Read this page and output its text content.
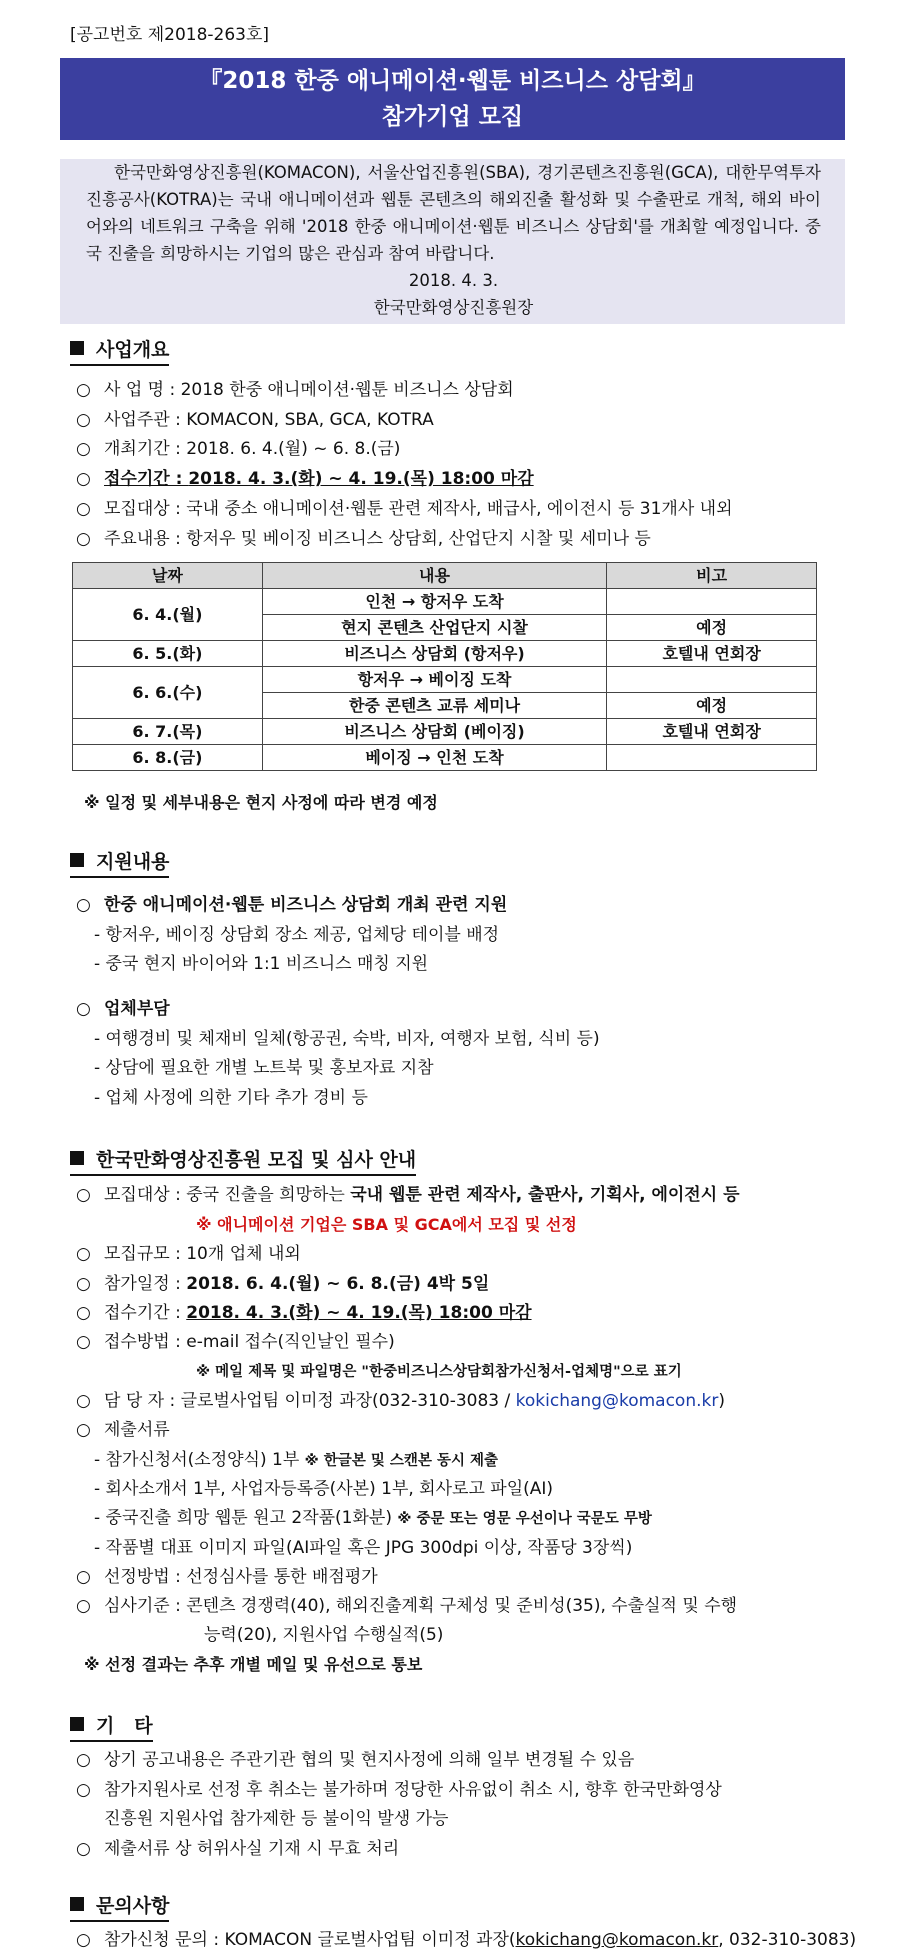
[공고번호 제2018-263호]
『2018 한중 애니메이션·웹툰 비즈니스 상담회』
참가기업 모집

한국만화영상진흥원(KOMACON), 서울산업진흥원(SBA), 경기콘텐츠진흥원(GCA), 대한무역투자진흥공사(KOTRA)는 국내 애니메이션과 웹툰 콘텐츠의 해외진출 활성화 및 수출판로 개척, 해외 바이어와의 네트워크 구축을 위해 '2018 한중 애니메이션·웹툰 비즈니스 상담회'를 개최할 예정입니다. 중국 진출을 희망하시는 기업의 많은 관심과 참여 바랍니다.

2018. 4. 3.

한국만화영상진흥원장

사업개요
○ 사 업 명 : 2018 한중 애니메이션·웹툰 비즈니스 상담회
○ 사업주관 : KOMACON, SBA, GCA, KOTRA
○ 개최기간 : 2018. 6. 4.(월) ~ 6. 8.(금)
○ 접수기간 : 2018. 4. 3.(화) ~ 4. 19.(목) 18:00 마감
○ 모집대상 : 국내 중소 애니메이션·웹툰 관련 제작사, 배급사, 에이전시 등 31개사 내외
○ 주요내용 : 항저우 및 베이징 비즈니스 상담회, 산업단지 시찰 및 세미나 등
날짜	내용	비고
6. 4.(월)	인천 → 항저우 도착	
	현지 콘텐츠 산업단지 시찰	예정
6. 5.(화)	비즈니스 상담회 (항저우)	호텔내 연회장
6. 6.(수)	항저우 → 베이징 도착	
	한중 콘텐츠 교류 세미나	예정
6. 7.(목)	비즈니스 상담회 (베이징)	호텔내 연회장
6. 8.(금)	베이징 → 인천 도착	
※ 일정 및 세부내용은 현지 사정에 따라 변경 예정
지원내용
○ 한중 애니메이션·웹툰 비즈니스 상담회 개최 관련 지원
- 항저우, 베이징 상담회 장소 제공, 업체당 테이블 배정
- 중국 현지 바이어와 1:1 비즈니스 매칭 지원
○ 업체부담
- 여행경비 및 체재비 일체(항공권, 숙박, 비자, 여행자 보험, 식비 등)
- 상담에 필요한 개별 노트북 및 홍보자료 지참
- 업체 사정에 의한 기타 추가 경비 등
한국만화영상진흥원 모집 및 심사 안내
○ 모집대상 : 중국 진출을 희망하는 국내 웹툰 관련 제작사, 출판사, 기획사, 에이전시 등
※ 애니메이션 기업은 SBA 및 GCA에서 모집 및 선정
○ 모집규모 : 10개 업체 내외
○ 참가일정 : 2018. 6. 4.(월) ~ 6. 8.(금) 4박 5일
○ 접수기간 : 2018. 4. 3.(화) ~ 4. 19.(목) 18:00 마감
○ 접수방법 : e-mail 접수(직인날인 필수)
※ 메일 제목 및 파일명은 "한중비즈니스상담회참가신청서-업체명"으로 표기
○ 담 당 자 : 글로벌사업팀 이미정 과장(032-310-3083 / kokichang@komacon.kr)
○ 제출서류
- 참가신청서(소정양식) 1부 ※ 한글본 및 스캔본 동시 제출
- 회사소개서 1부, 사업자등록증(사본) 1부, 회사로고 파일(AI)
- 중국진출 희망 웹툰 원고 2작품(1화분) ※ 중문 또는 영문 우선이나 국문도 무방
- 작품별 대표 이미지 파일(AI파일 혹은 JPG 300dpi 이상, 작품당 3장씩)
○ 선정방법 : 선정심사를 통한 배점평가
○ 심사기준 : 콘텐츠 경쟁력(40), 해외진출계획 구체성 및 준비성(35), 수출실적 및 수행
능력(20), 지원사업 수행실적(5)
※ 선정 결과는 추후 개별 메일 및 유선으로 통보
기   타
○ 상기 공고내용은 주관기관 협의 및 현지사정에 의해 일부 변경될 수 있음
○ 참가지원사로 선정 후 취소는 불가하며 정당한 사유없이 취소 시, 향후 한국만화영상
진흥원 지원사업 참가제한 등 불이익 발생 가능
○ 제출서류 상 허위사실 기재 시 무효 처리
문의사항
○ 참가신청 문의 : KOMACON 글로벌사업팀 이미정 과장(kokichang@komacon.kr, 032-310-3083)
